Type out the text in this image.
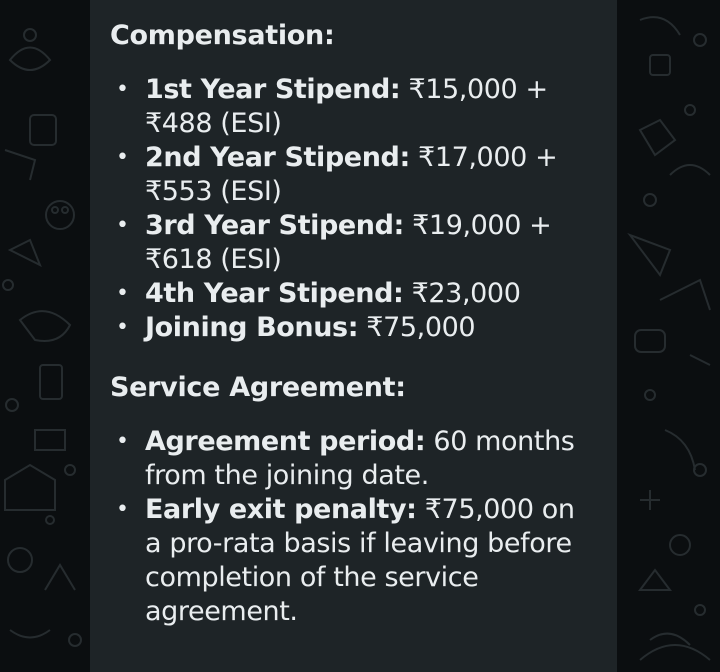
Compensation:

• 1st Year Stipend: ₹15,000 + ₹488 (ESI)
• 2nd Year Stipend: ₹17,000 + ₹553 (ESI)
• 3rd Year Stipend: ₹19,000 + ₹618 (ESI)
• 4th Year Stipend: ₹23,000
• Joining Bonus: ₹75,000

Service Agreement:

• Agreement period: 60 months from the joining date.
• Early exit penalty: ₹75,000 on a pro-rata basis if leaving before completion of the service agreement.
